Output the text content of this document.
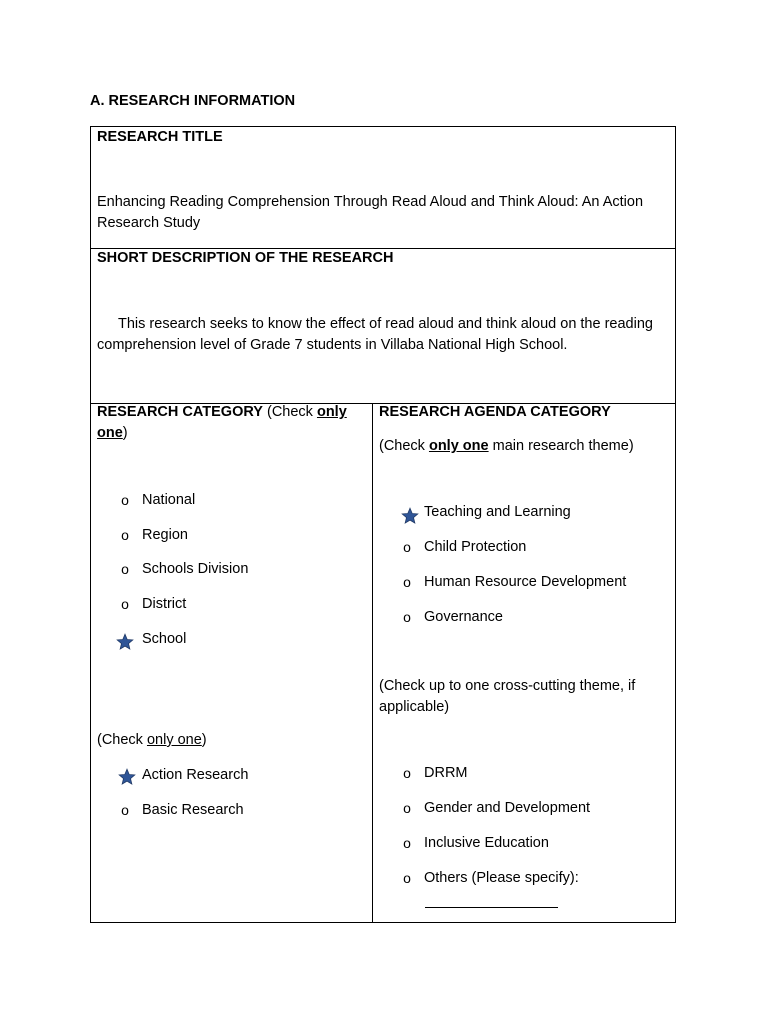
A. RESEARCH INFORMATION
RESEARCH TITLE
Enhancing Reading Comprehension Through Read Aloud and Think Aloud: An Action Research Study
SHORT DESCRIPTION OF THE RESEARCH
This research seeks to know the effect of read aloud and think aloud on the reading comprehension level of Grade 7 students in Villaba National High School.
RESEARCH CATEGORY (Check only
one)
o National
o Region
o Schools Division
o District
School
(Check only one)
Action Research
o Basic Research
RESEARCH AGENDA CATEGORY
(Check only one main research theme)
Teaching and Learning
o Child Protection
o Human Resource Development
o Governance
(Check up to one cross-cutting theme, if applicable)
o DRRM
o Gender and Development
o Inclusive Education
o Others (Please specify):
